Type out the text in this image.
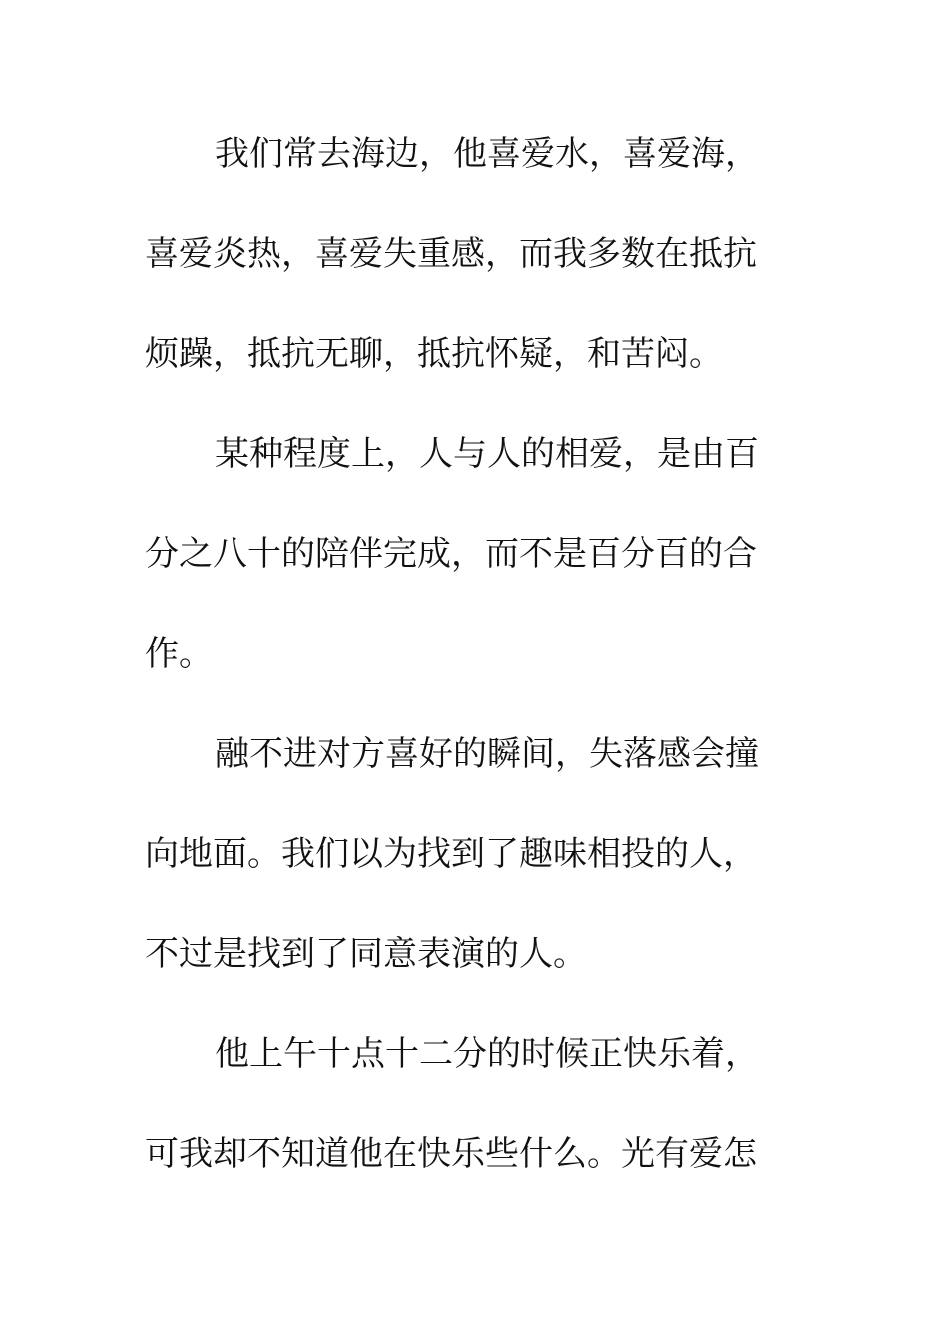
我们常去海边，他喜爱水，喜爱海，
喜爱炎热，喜爱失重感，而我多数在抵抗
烦躁，抵抗无聊，抵抗怀疑，和苦闷。
某种程度上，人与人的相爱，是由百
分之八十的陪伴完成，而不是百分百的合
作。
融不进对方喜好的瞬间，失落感会撞
向地面。我们以为找到了趣味相投的人，
不过是找到了同意表演的人。
他上午十点十二分的时候正快乐着，
可我却不知道他在快乐些什么。光有爱怎
